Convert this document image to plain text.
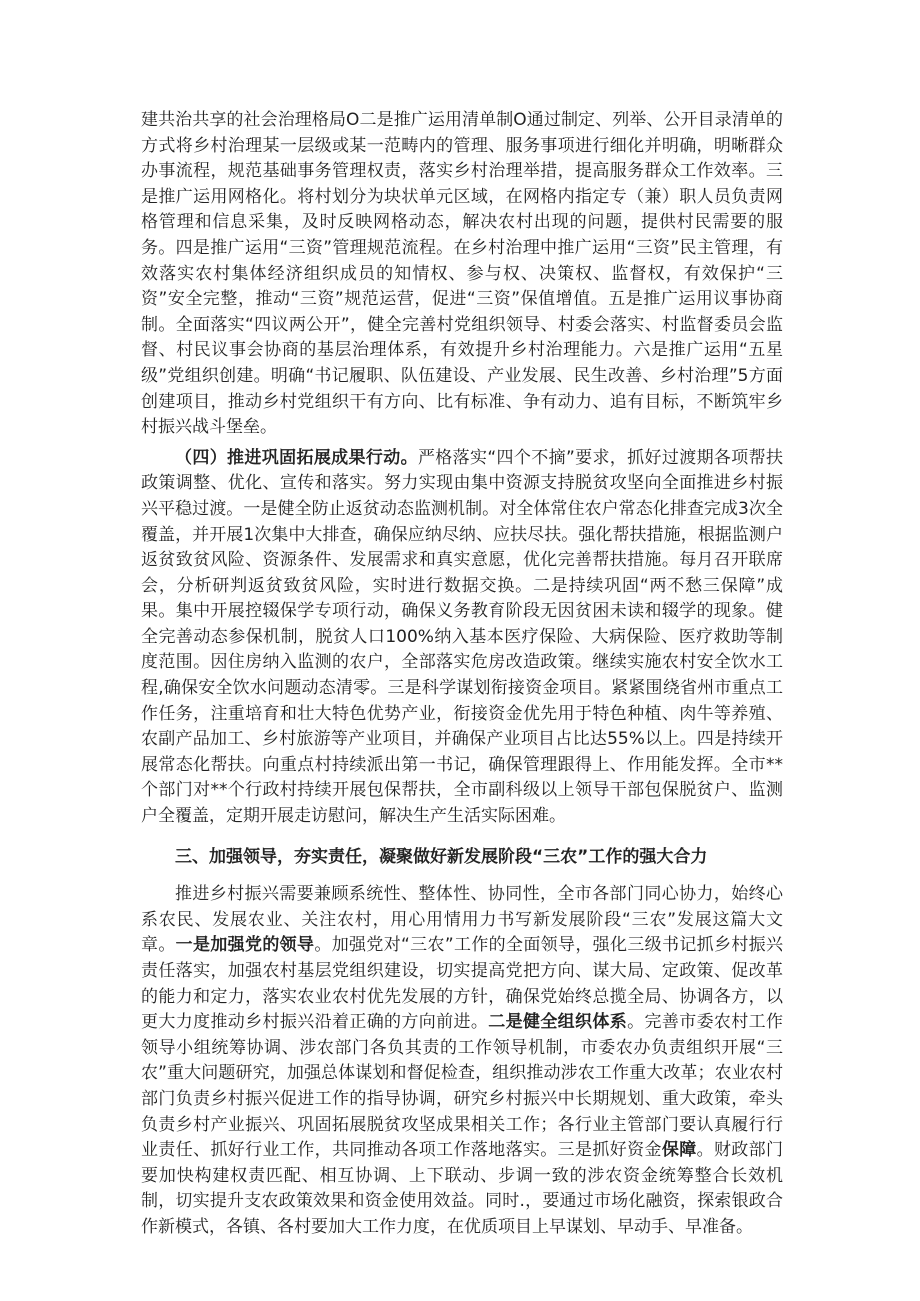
建共治共享的社会治理格局O二是推广运用清单制O通过制定、列举、公开目录清单的方式将乡村治理某一层级或某一范畴内的管理、服务事项进行细化并明确，明晰群众办事流程，规范基础事务管理权责，落实乡村治理举措，提高服务群众工作效率。三是推广运用网格化。将村划分为块状单元区域，在网格内指定专（兼）职人员负责网格管理和信息采集，及时反映网格动态，解决农村出现的问题，提供村民需要的服务。四是推广运用“三资”管理规范流程。在乡村治理中推广运用“三资”民主管理，有效落实农村集体经济组织成员的知情权、参与权、决策权、监督权，有效保护“三资”安全完整，推动“三资”规范运营，促进“三资”保值增值。五是推广运用议事协商制。全面落实“四议两公开”，健全完善村党组织领导、村委会落实、村监督委员会监督、村民议事会协商的基层治理体系，有效提升乡村治理能力。六是推广运用“五星级”党组织创建。明确“书记履职、队伍建设、产业发展、民生改善、乡村治理”5方面创建项目，推动乡村党组织干有方向、比有标准、争有动力、追有目标，不断筑牢乡村振兴战斗堡垒。

（四）推进巩固拓展成果行动。严格落实“四个不摘”要求，抓好过渡期各项帮扶政策调整、优化、宣传和落实。努力实现由集中资源支持脱贫攻坚向全面推进乡村振兴平稳过渡。一是健全防止返贫动态监测机制。对全体常住农户常态化排查完成3次全覆盖，并开展1次集中大排查，确保应纳尽纳、应扶尽扶。强化帮扶措施，根据监测户返贫致贫风险、资源条件、发展需求和真实意愿，优化完善帮扶措施。每月召开联席会，分析研判返贫致贫风险，实时进行数据交换。二是持续巩固“两不愁三保障”成果。集中开展控辍保学专项行动，确保义务教育阶段无因贫困未读和辍学的现象。健全完善动态参保机制，脱贫人口100%纳入基本医疗保险、大病保险、医疗救助等制度范围。因住房纳入监测的农户，全部落实危房改造政策。继续实施农村安全饮水工程,确保安全饮水问题动态清零。三是科学谋划衔接资金项目。紧紧围绕省州市重点工作任务，注重培育和壮大特色优势产业，衔接资金优先用于特色种植、肉牛等养殖、农副产品加工、乡村旅游等产业项目，并确保产业项目占比达55%以上。四是持续开展常态化帮扶。向重点村持续派出第一书记，确保管理跟得上、作用能发挥。全市**个部门对**个行政村持续开展包保帮扶，全市副科级以上领导干部包保脱贫户、监测户全覆盖，定期开展走访慰问，解决生产生活实际困难。

三、加强领导，夯实责任，凝聚做好新发展阶段“三农”工作的强大合力

推进乡村振兴需要兼顾系统性、整体性、协同性，全市各部门同心协力，始终心系农民、发展农业、关注农村，用心用情用力书写新发展阶段“三农”发展这篇大文章。一是加强党的领导。加强党对“三农”工作的全面领导，强化三级书记抓乡村振兴责任落实，加强农村基层党组织建设，切实提高党把方向、谋大局、定政策、促改革的能力和定力，落实农业农村优先发展的方针，确保党始终总揽全局、协调各方，以更大力度推动乡村振兴沿着正确的方向前进。二是健全组织体系。完善市委农村工作领导小组统筹协调、涉农部门各负其责的工作领导机制，市委农办负责组织开展“三农”重大问题研究，加强总体谋划和督促检查，组织推动涉农工作重大改革；农业农村部门负责乡村振兴促进工作的指导协调，研究乡村振兴中长期规划、重大政策，牵头负责乡村产业振兴、巩固拓展脱贫攻坚成果相关工作；各行业主管部门要认真履行行业责任、抓好行业工作，共同推动各项工作落地落实。三是抓好资金保障。财政部门要加快构建权责匹配、相互协调、上下联动、步调一致的涉农资金统筹整合长效机制，切实提升支农政策效果和资金使用效益。同时.，要通过市场化融资，探索银政合作新模式，各镇、各村要加大工作力度，在优质项目上早谋划、早动手、早准备。
